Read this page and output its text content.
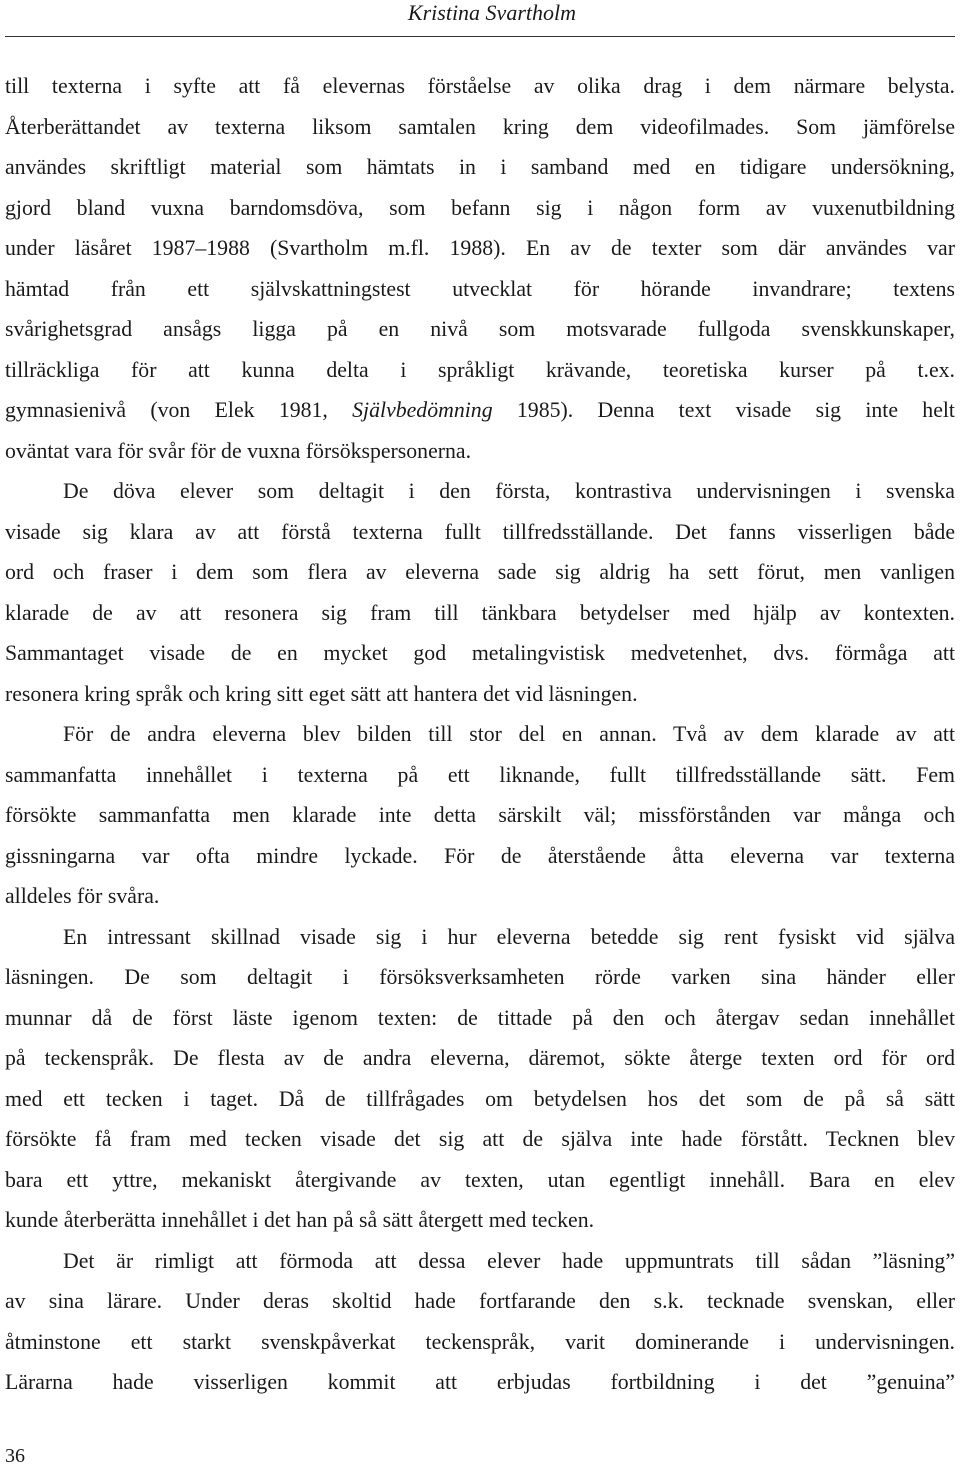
Kristina Svartholm
till texterna i syfte att få elevernas förståelse av olika drag i dem närmare belysta.
Återberättandet av texterna liksom samtalen kring dem videofilmades. Som jämförelse
användes skriftligt material som hämtats in i samband med en tidigare undersökning,
gjord bland vuxna barndomsdöva, som befann sig i någon form av vuxenutbildning
under läsåret 1987–1988 (Svartholm m.fl. 1988). En av de texter som där användes var
hämtad från ett självskattningstest utvecklat för hörande invandrare; textens
svårighetsgrad ansågs ligga på en nivå som motsvarade fullgoda svenskkunskaper,
tillräckliga för att kunna delta i språkligt krävande, teoretiska kurser på t.ex.
gymnasienivå (von Elek 1981, Självbedömning 1985). Denna text visade sig inte helt
oväntat vara för svår för de vuxna försökspersonerna.
De döva elever som deltagit i den första, kontrastiva undervisningen i svenska
visade sig klara av att förstå texterna fullt tillfredsställande. Det fanns visserligen både
ord och fraser i dem som flera av eleverna sade sig aldrig ha sett förut, men vanligen
klarade de av att resonera sig fram till tänkbara betydelser med hjälp av kontexten.
Sammantaget visade de en mycket god metalingvistisk medvetenhet, dvs. förmåga att
resonera kring språk och kring sitt eget sätt att hantera det vid läsningen.
För de andra eleverna blev bilden till stor del en annan. Två av dem klarade av att
sammanfatta innehållet i texterna på ett liknande, fullt tillfredsställande sätt. Fem
försökte sammanfatta men klarade inte detta särskilt väl; missförstånden var många och
gissningarna var ofta mindre lyckade. För de återstående åtta eleverna var texterna
alldeles för svåra.
En intressant skillnad visade sig i hur eleverna betedde sig rent fysiskt vid själva
läsningen. De som deltagit i försöksverksamheten rörde varken sina händer eller
munnar då de först läste igenom texten: de tittade på den och återgav sedan innehållet
på teckenspråk. De flesta av de andra eleverna, däremot, sökte återge texten ord för ord
med ett tecken i taget. Då de tillfrågades om betydelsen hos det som de på så sätt
försökte få fram med tecken visade det sig att de själva inte hade förstått. Tecknen blev
bara ett yttre, mekaniskt återgivande av texten, utan egentligt innehåll. Bara en elev
kunde återberätta innehållet i det han på så sätt återgett med tecken.
Det är rimligt att förmoda att dessa elever hade uppmuntrats till sådan ”läsning”
av sina lärare. Under deras skoltid hade fortfarande den s.k. tecknade svenskan, eller
åtminstone ett starkt svenskpåverkat teckenspråk, varit dominerande i undervisningen.
Lärarna hade visserligen kommit att erbjudas fortbildning i det ”genuina”
36
